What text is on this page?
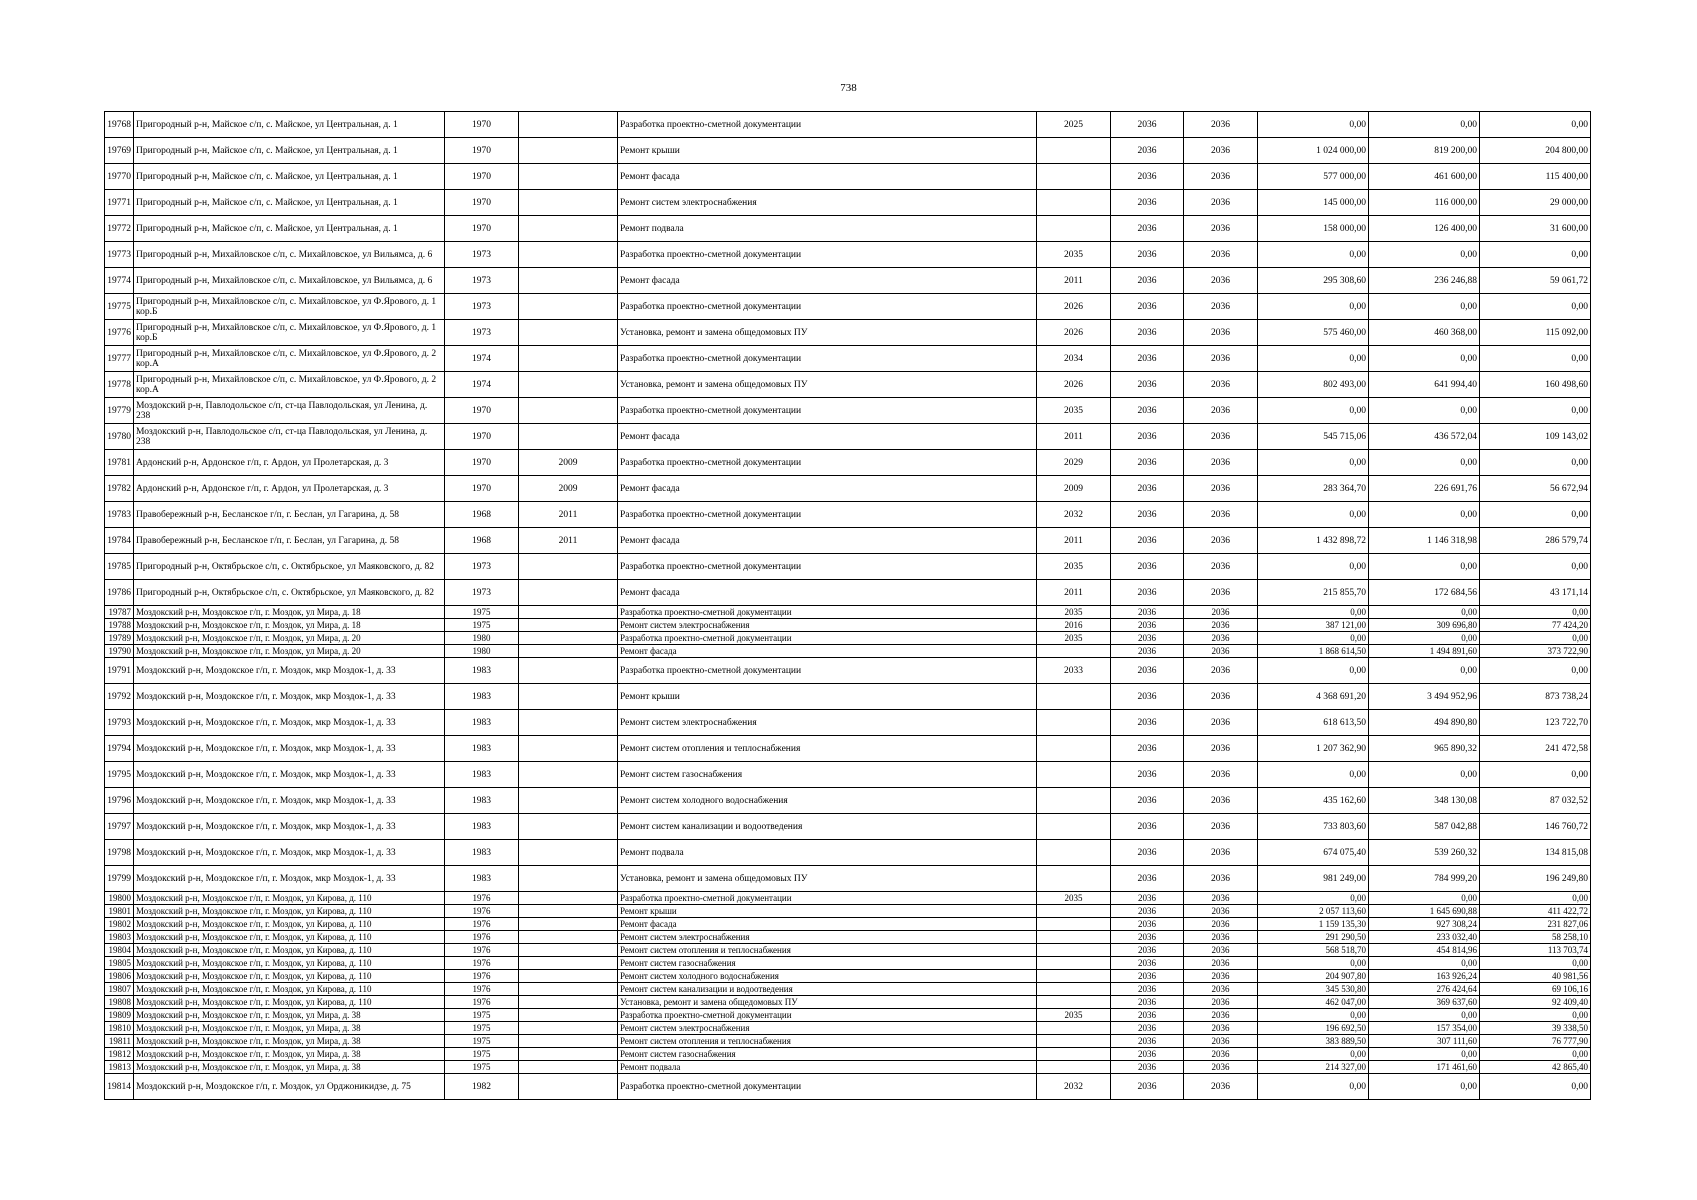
738
19768	Пригородный р-н, Майское с/п, с. Майское, ул Центральная, д. 1	1970		Разработка проектно-сметной документации	2025	2036	2036	0,00	0,00	0,00
19769	Пригородный р-н, Майское с/п, с. Майское, ул Центральная, д. 1	1970		Ремонт крыши		2036	2036	1 024 000,00	819 200,00	204 800,00
19770	Пригородный р-н, Майское с/п, с. Майское, ул Центральная, д. 1	1970		Ремонт фасада		2036	2036	577 000,00	461 600,00	115 400,00
19771	Пригородный р-н, Майское с/п, с. Майское, ул Центральная, д. 1	1970		Ремонт систем электроснабжения		2036	2036	145 000,00	116 000,00	29 000,00
19772	Пригородный р-н, Майское с/п, с. Майское, ул Центральная, д. 1	1970		Ремонт подвала		2036	2036	158 000,00	126 400,00	31 600,00
19773	Пригородный р-н, Михайловское с/п, с. Михайловское, ул Вильямса, д. 6	1973		Разработка проектно-сметной документации	2035	2036	2036	0,00	0,00	0,00
19774	Пригородный р-н, Михайловское с/п, с. Михайловское, ул Вильямса, д. 6	1973		Ремонт фасада	2011	2036	2036	295 308,60	236 246,88	59 061,72
19775	Пригородный р-н, Михайловское с/п, с. Михайловское, ул Ф.Ярового, д. 1 кор.Б	1973		Разработка проектно-сметной документации	2026	2036	2036	0,00	0,00	0,00
19776	Пригородный р-н, Михайловское с/п, с. Михайловское, ул Ф.Ярового, д. 1 кор.Б	1973		Установка, ремонт и замена общедомовых ПУ	2026	2036	2036	575 460,00	460 368,00	115 092,00
19777	Пригородный р-н, Михайловское с/п, с. Михайловское, ул Ф.Ярового, д. 2 кор.А	1974		Разработка проектно-сметной документации	2034	2036	2036	0,00	0,00	0,00
19778	Пригородный р-н, Михайловское с/п, с. Михайловское, ул Ф.Ярового, д. 2 кор.А	1974		Установка, ремонт и замена общедомовых ПУ	2026	2036	2036	802 493,00	641 994,40	160 498,60
19779	Моздокский р-н, Павлодольское с/п, ст-ца Павлодольская, ул Ленина, д. 238	1970		Разработка проектно-сметной документации	2035	2036	2036	0,00	0,00	0,00
19780	Моздокский р-н, Павлодольское с/п, ст-ца Павлодольская, ул Ленина, д. 238	1970		Ремонт фасада	2011	2036	2036	545 715,06	436 572,04	109 143,02
19781	Ардонский р-н, Ардонское г/п, г. Ардон, ул Пролетарская, д. 3	1970	2009	Разработка проектно-сметной документации	2029	2036	2036	0,00	0,00	0,00
19782	Ардонский р-н, Ардонское г/п, г. Ардон, ул Пролетарская, д. 3	1970	2009	Ремонт фасада	2009	2036	2036	283 364,70	226 691,76	56 672,94
19783	Правобережный р-н, Бесланское г/п, г. Беслан, ул Гагарина, д. 58	1968	2011	Разработка проектно-сметной документации	2032	2036	2036	0,00	0,00	0,00
19784	Правобережный р-н, Бесланское г/п, г. Беслан, ул Гагарина, д. 58	1968	2011	Ремонт фасада	2011	2036	2036	1 432 898,72	1 146 318,98	286 579,74
19785	Пригородный р-н, Октябрьское с/п, с. Октябрьское, ул Маяковского, д. 82	1973		Разработка проектно-сметной документации	2035	2036	2036	0,00	0,00	0,00
19786	Пригородный р-н, Октябрьское с/п, с. Октябрьское, ул Маяковского, д. 82	1973		Ремонт фасада	2011	2036	2036	215 855,70	172 684,56	43 171,14
19787	Моздокский р-н, Моздокское г/п, г. Моздок, ул Мира, д. 18	1975		Разработка проектно-сметной документации	2035	2036	2036	0,00	0,00	0,00
19788	Моздокский р-н, Моздокское г/п, г. Моздок, ул Мира, д. 18	1975		Ремонт систем электроснабжения	2016	2036	2036	387 121,00	309 696,80	77 424,20
19789	Моздокский р-н, Моздокское г/п, г. Моздок, ул Мира, д. 20	1980		Разработка проектно-сметной документации	2035	2036	2036	0,00	0,00	0,00
19790	Моздокский р-н, Моздокское г/п, г. Моздок, ул Мира, д. 20	1980		Ремонт фасада		2036	2036	1 868 614,50	1 494 891,60	373 722,90
19791	Моздокский р-н, Моздокское г/п, г. Моздок, мкр Моздок-1, д. 33	1983		Разработка проектно-сметной документации	2033	2036	2036	0,00	0,00	0,00
19792	Моздокский р-н, Моздокское г/п, г. Моздок, мкр Моздок-1, д. 33	1983		Ремонт крыши		2036	2036	4 368 691,20	3 494 952,96	873 738,24
19793	Моздокский р-н, Моздокское г/п, г. Моздок, мкр Моздок-1, д. 33	1983		Ремонт систем электроснабжения		2036	2036	618 613,50	494 890,80	123 722,70
19794	Моздокский р-н, Моздокское г/п, г. Моздок, мкр Моздок-1, д. 33	1983		Ремонт систем отопления и теплоснабжения		2036	2036	1 207 362,90	965 890,32	241 472,58
19795	Моздокский р-н, Моздокское г/п, г. Моздок, мкр Моздок-1, д. 33	1983		Ремонт систем газоснабжения		2036	2036	0,00	0,00	0,00
19796	Моздокский р-н, Моздокское г/п, г. Моздок, мкр Моздок-1, д. 33	1983		Ремонт систем холодного водоснабжения		2036	2036	435 162,60	348 130,08	87 032,52
19797	Моздокский р-н, Моздокское г/п, г. Моздок, мкр Моздок-1, д. 33	1983		Ремонт систем канализации и водоотведения		2036	2036	733 803,60	587 042,88	146 760,72
19798	Моздокский р-н, Моздокское г/п, г. Моздок, мкр Моздок-1, д. 33	1983		Ремонт подвала		2036	2036	674 075,40	539 260,32	134 815,08
19799	Моздокский р-н, Моздокское г/п, г. Моздок, мкр Моздок-1, д. 33	1983		Установка, ремонт и замена общедомовых ПУ		2036	2036	981 249,00	784 999,20	196 249,80
19800	Моздокский р-н, Моздокское г/п, г. Моздок, ул Кирова, д. 110	1976		Разработка проектно-сметной документации	2035	2036	2036	0,00	0,00	0,00
19801	Моздокский р-н, Моздокское г/п, г. Моздок, ул Кирова, д. 110	1976		Ремонт крыши		2036	2036	2 057 113,60	1 645 690,88	411 422,72
19802	Моздокский р-н, Моздокское г/п, г. Моздок, ул Кирова, д. 110	1976		Ремонт фасада		2036	2036	1 159 135,30	927 308,24	231 827,06
19803	Моздокский р-н, Моздокское г/п, г. Моздок, ул Кирова, д. 110	1976		Ремонт систем электроснабжения		2036	2036	291 290,50	233 032,40	58 258,10
19804	Моздокский р-н, Моздокское г/п, г. Моздок, ул Кирова, д. 110	1976		Ремонт систем отопления и теплоснабжения		2036	2036	568 518,70	454 814,96	113 703,74
19805	Моздокский р-н, Моздокское г/п, г. Моздок, ул Кирова, д. 110	1976		Ремонт систем газоснабжения		2036	2036	0,00	0,00	0,00
19806	Моздокский р-н, Моздокское г/п, г. Моздок, ул Кирова, д. 110	1976		Ремонт систем холодного водоснабжения		2036	2036	204 907,80	163 926,24	40 981,56
19807	Моздокский р-н, Моздокское г/п, г. Моздок, ул Кирова, д. 110	1976		Ремонт систем канализации и водоотведения		2036	2036	345 530,80	276 424,64	69 106,16
19808	Моздокский р-н, Моздокское г/п, г. Моздок, ул Кирова, д. 110	1976		Установка, ремонт и замена общедомовых ПУ		2036	2036	462 047,00	369 637,60	92 409,40
19809	Моздокский р-н, Моздокское г/п, г. Моздок, ул Мира, д. 38	1975		Разработка проектно-сметной документации	2035	2036	2036	0,00	0,00	0,00
19810	Моздокский р-н, Моздокское г/п, г. Моздок, ул Мира, д. 38	1975		Ремонт систем электроснабжения		2036	2036	196 692,50	157 354,00	39 338,50
19811	Моздокский р-н, Моздокское г/п, г. Моздок, ул Мира, д. 38	1975		Ремонт систем отопления и теплоснабжения		2036	2036	383 889,50	307 111,60	76 777,90
19812	Моздокский р-н, Моздокское г/п, г. Моздок, ул Мира, д. 38	1975		Ремонт систем газоснабжения		2036	2036	0,00	0,00	0,00
19813	Моздокский р-н, Моздокское г/п, г. Моздок, ул Мира, д. 38	1975		Ремонт подвала		2036	2036	214 327,00	171 461,60	42 865,40
19814	Моздокский р-н, Моздокское г/п, г. Моздок, ул Орджоникидзе, д. 75	1982		Разработка проектно-сметной документации	2032	2036	2036	0,00	0,00	0,00
